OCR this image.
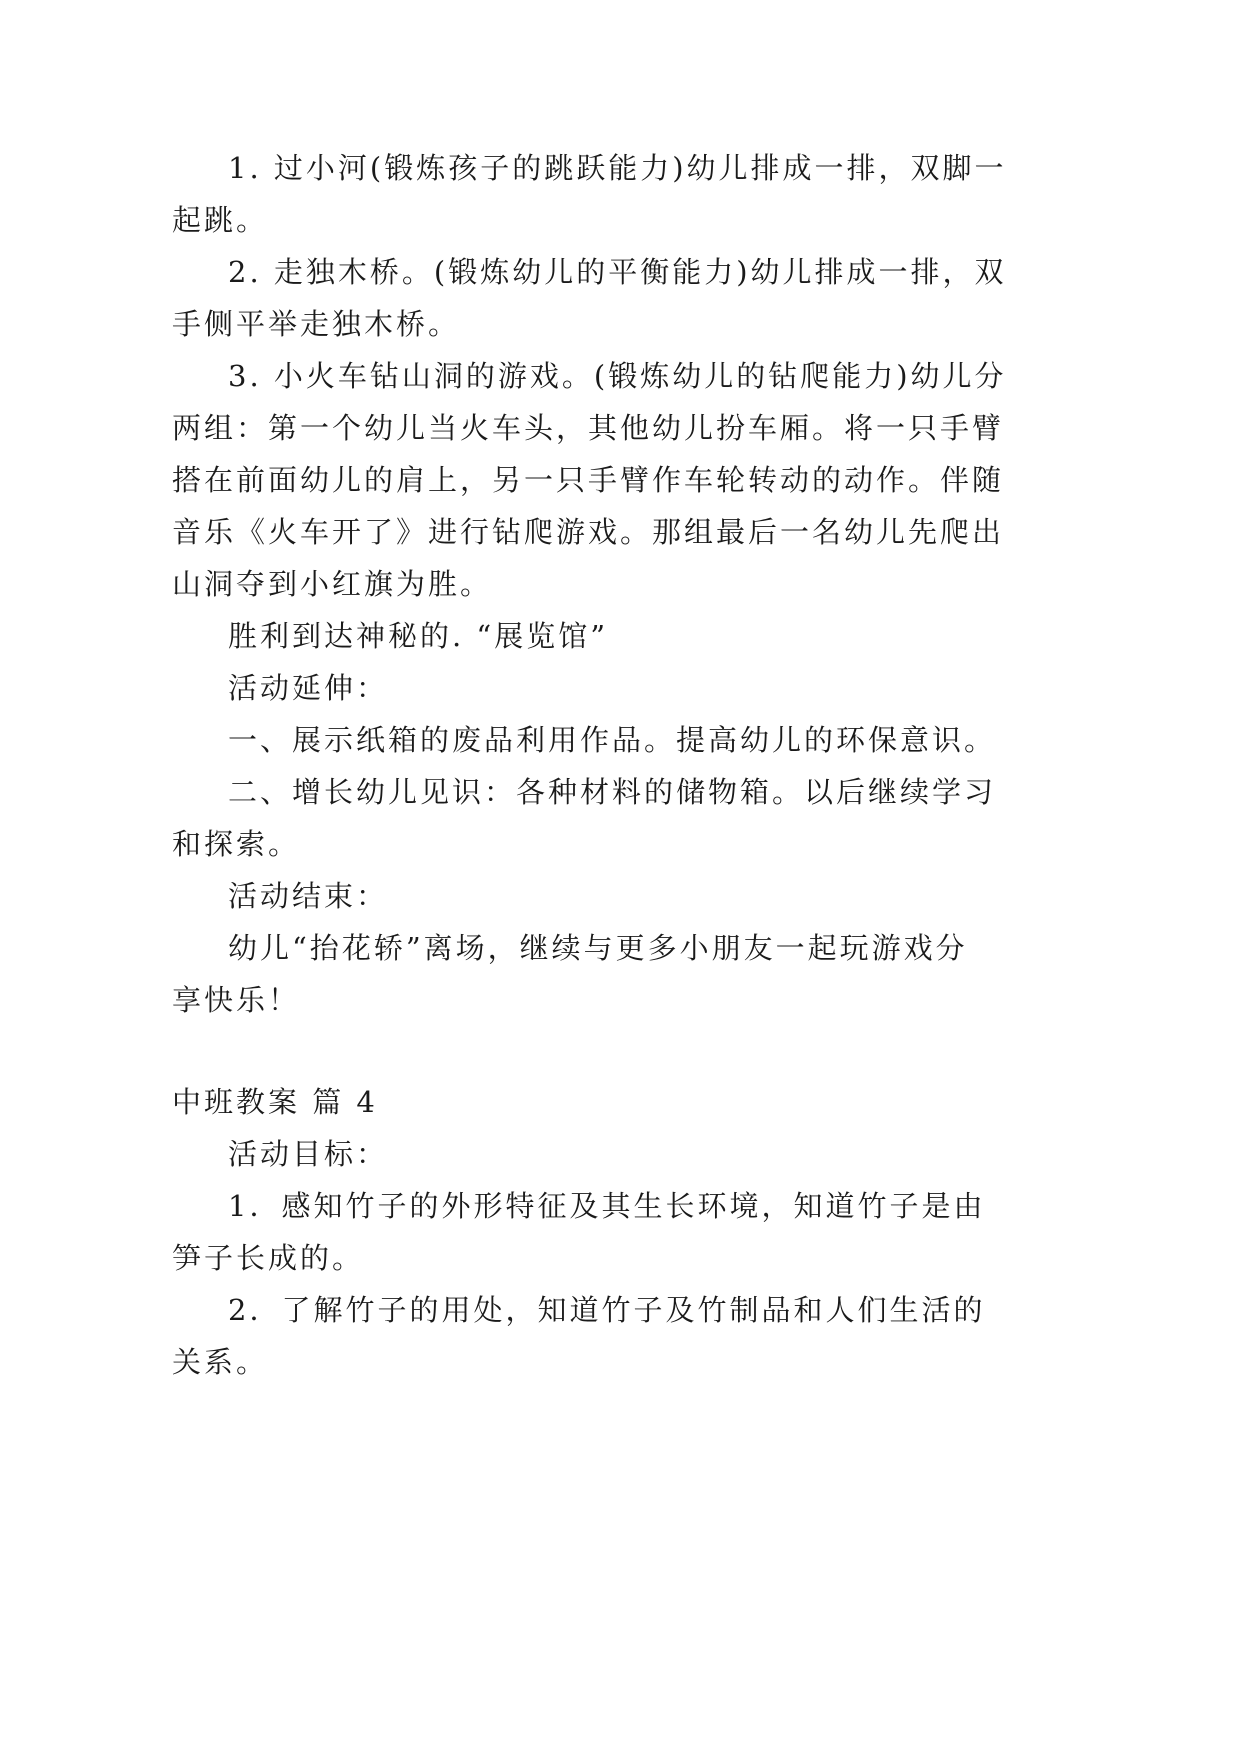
1. 过小河(锻炼孩子的跳跃能力)幼儿排成一排，双脚一
起跳。
2. 走独木桥。(锻炼幼儿的平衡能力)幼儿排成一排，双
手侧平举走独木桥。
3. 小火车钻山洞的游戏。(锻炼幼儿的钻爬能力)幼儿分
两组：第一个幼儿当火车头，其他幼儿扮车厢。将一只手臂
搭在前面幼儿的肩上，另一只手臂作车轮转动的动作。伴随
音乐《火车开了》进行钻爬游戏。那组最后一名幼儿先爬出
山洞夺到小红旗为胜。
胜利到达神秘的. “展览馆”
活动延伸：
一、展示纸箱的废品利用作品。提高幼儿的环保意识。
二、增长幼儿见识：各种材料的储物箱。以后继续学习
和探索。
活动结束：
幼儿“抬花轿”离场，继续与更多小朋友一起玩游戏分
享快乐！
中班教案 篇 4
活动目标：
1．感知竹子的外形特征及其生长环境，知道竹子是由
笋子长成的。
2．了解竹子的用处，知道竹子及竹制品和人们生活的
关系。
